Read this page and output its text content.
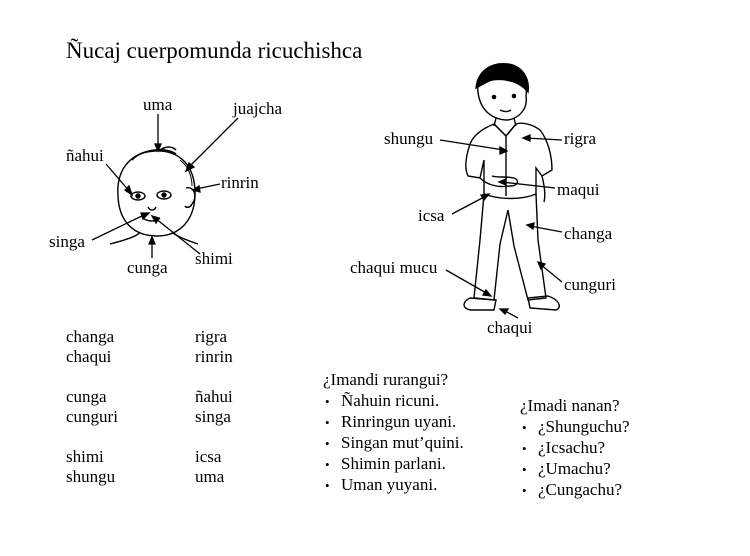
Ñucaj cuerpomunda ricuchishca
uma	juajcha
ñahui
rinrin
singa
cunga shimi
shungu	rigra
maqui
icsa
changa
chaqui mucu
cunguri
chaqui
changa
chaqui
cunga
cunguri
shimi
shungu
rigra
rinrin
ñahui
singa
icsa
uma
¿Imandi rurangui?
• Ñahuin ricuni.
• Rinringun uyani.
• Singan mut’quini.
• Shimin parlani.
• Uman yuyani.
¿Imadi nanan?
• ¿Shunguchu?
• ¿Icsachu?
• ¿Umachu?
• ¿Cungachu?
